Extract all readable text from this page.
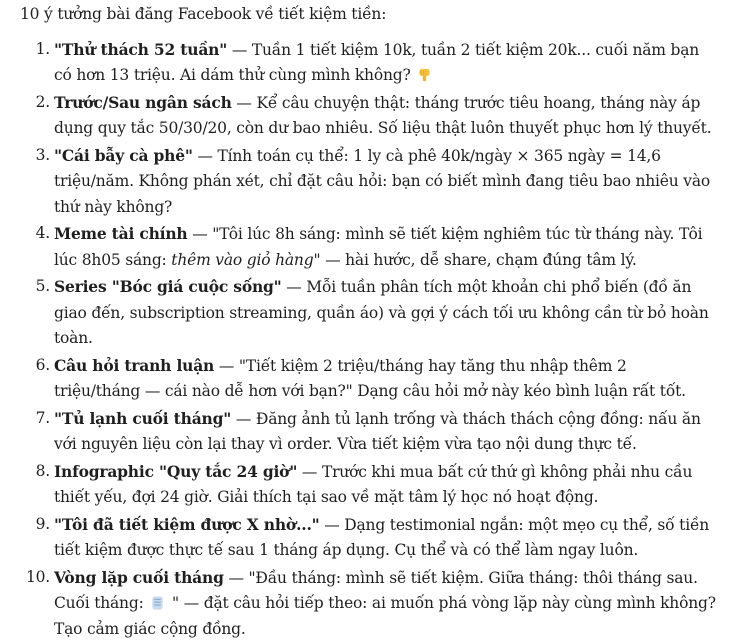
10 ý tưởng bài đăng Facebook về tiết kiệm tiền:

1. "Thử thách 52 tuần" — Tuần 1 tiết kiệm 10k, tuần 2 tiết kiệm 20k... cuối năm bạn có hơn 13 triệu. Ai dám thử cùng mình không?
2. Trước/Sau ngân sách — Kể câu chuyện thật: tháng trước tiêu hoang, tháng này áp dụng quy tắc 50/30/20, còn dư bao nhiêu. Số liệu thật luôn thuyết phục hơn lý thuyết.
3. "Cái bẫy cà phê" — Tính toán cụ thể: 1 ly cà phê 40k/ngày × 365 ngày = 14,6 triệu/năm. Không phán xét, chỉ đặt câu hỏi: bạn có biết mình đang tiêu bao nhiêu vào thứ này không?
4. Meme tài chính — "Tôi lúc 8h sáng: mình sẽ tiết kiệm nghiêm túc từ tháng này. Tôi lúc 8h05 sáng: thêm vào giỏ hàng" — hài hước, dễ share, chạm đúng tâm lý.
5. Series "Bóc giá cuộc sống" — Mỗi tuần phân tích một khoản chi phổ biến (đồ ăn giao đến, subscription streaming, quần áo) và gợi ý cách tối ưu không cần từ bỏ hoàn toàn.
6. Câu hỏi tranh luận — "Tiết kiệm 2 triệu/tháng hay tăng thu nhập thêm 2 triệu/tháng — cái nào dễ hơn với bạn?" Dạng câu hỏi mở này kéo bình luận rất tốt.
7. "Tủ lạnh cuối tháng" — Đăng ảnh tủ lạnh trống và thách thách cộng đồng: nấu ăn với nguyên liệu còn lại thay vì order. Vừa tiết kiệm vừa tạo nội dung thực tế.
8. Infographic "Quy tắc 24 giờ" — Trước khi mua bất cứ thứ gì không phải nhu cầu thiết yếu, đợi 24 giờ. Giải thích tại sao về mặt tâm lý học nó hoạt động.
9. "Tôi đã tiết kiệm được X nhờ..." — Dạng testimonial ngắn: một mẹo cụ thể, số tiền tiết kiệm được thực tế sau 1 tháng áp dụng. Cụ thể và có thể làm ngay luôn.
10. Vòng lặp cuối tháng — "Đầu tháng: mình sẽ tiết kiệm. Giữa tháng: thôi tháng sau. Cuối tháng:  " — đặt câu hỏi tiếp theo: ai muốn phá vòng lặp này cùng mình không? Tạo cảm giác cộng đồng.
